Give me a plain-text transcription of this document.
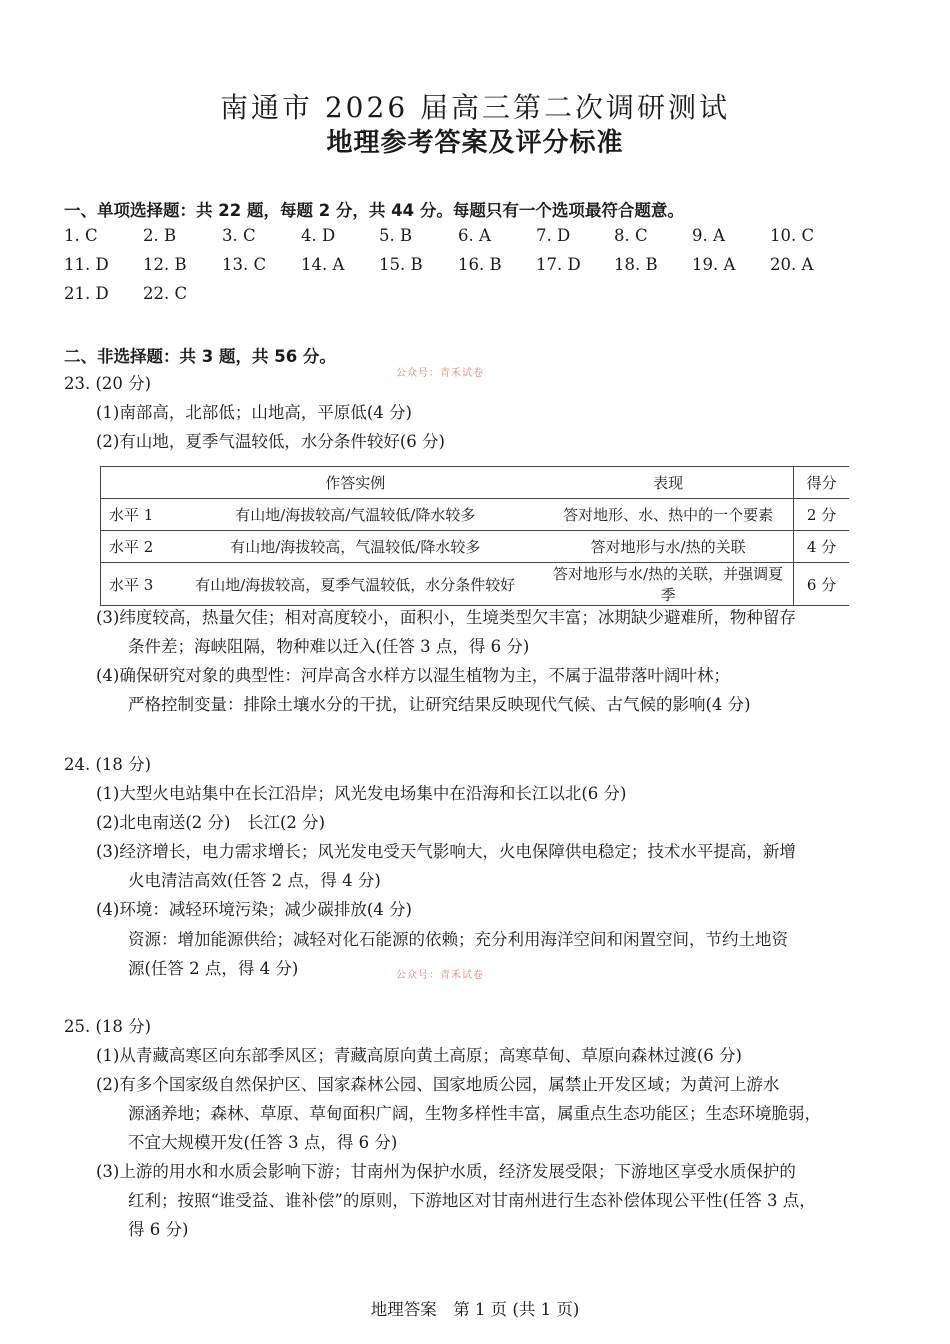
南通市 2026 届高三第二次调研测试
地理参考答案及评分标准
一、单项选择题：共 22 题，每题 2 分，共 44 分。每题只有一个选项最符合题意。
1. C	2. B	3. C	4. D	5. B	6. A	7. D	8. C	9. A	10. C
11. D 12. B 13. C 14. A 15. B 16. B 17. D 18. B 19. A 20. A
21. D 22. C
二、非选择题：共 3 题，共 56 分。
公众号：青禾试卷
23. (20 分)
(1)南部高，北部低；山地高，平原低(4 分)
(2)有山地，夏季气温较低，水分条件较好(6 分)
	作答实例	表现	得分
水平 1	有山地/海拔较高/气温较低/降水较多	答对地形、水、热中的一个要素	2 分
水平 2	有山地/海拔较高，气温较低/降水较多	答对地形与水/热的关联	4 分
水平 3	有山地/海拔较高，夏季气温较低，水分条件较好	答对地形与水/热的关联，并强调夏季	6 分
(3)纬度较高，热量欠佳；相对高度较小，面积小，生境类型欠丰富；冰期缺少避难所，物种留存
条件差；海峡阻隔，物种难以迁入(任答 3 点，得 6 分)
(4)确保研究对象的典型性：河岸高含水样方以湿生植物为主，不属于温带落叶阔叶林；
严格控制变量：排除土壤水分的干扰，让研究结果反映现代气候、古气候的影响(4 分)
24. (18 分)
(1)大型火电站集中在长江沿岸；风光发电场集中在沿海和长江以北(6 分)
(2)北电南送(2 分)　长江(2 分)
(3)经济增长，电力需求增长；风光发电受天气影响大，火电保障供电稳定；技术水平提高，新增
火电清洁高效(任答 2 点，得 4 分)
(4)环境：减轻环境污染；减少碳排放(4 分)
资源：增加能源供给；减轻对化石能源的依赖；充分利用海洋空间和闲置空间，节约土地资
源(任答 2 点，得 4 分)	公众号：青禾试卷
25. (18 分)
(1)从青藏高寒区向东部季风区；青藏高原向黄土高原；高寒草甸、草原向森林过渡(6 分)
(2)有多个国家级自然保护区、国家森林公园、国家地质公园，属禁止开发区域；为黄河上游水
源涵养地；森林、草原、草甸面积广阔，生物多样性丰富，属重点生态功能区；生态环境脆弱，
不宜大规模开发(任答 3 点，得 6 分)
(3)上游的用水和水质会影响下游；甘南州为保护水质，经济发展受限；下游地区享受水质保护的
红利；按照“谁受益、谁补偿”的原则，下游地区对甘南州进行生态补偿体现公平性(任答 3 点，
得 6 分)
地理答案　第 1 页 (共 1 页)
